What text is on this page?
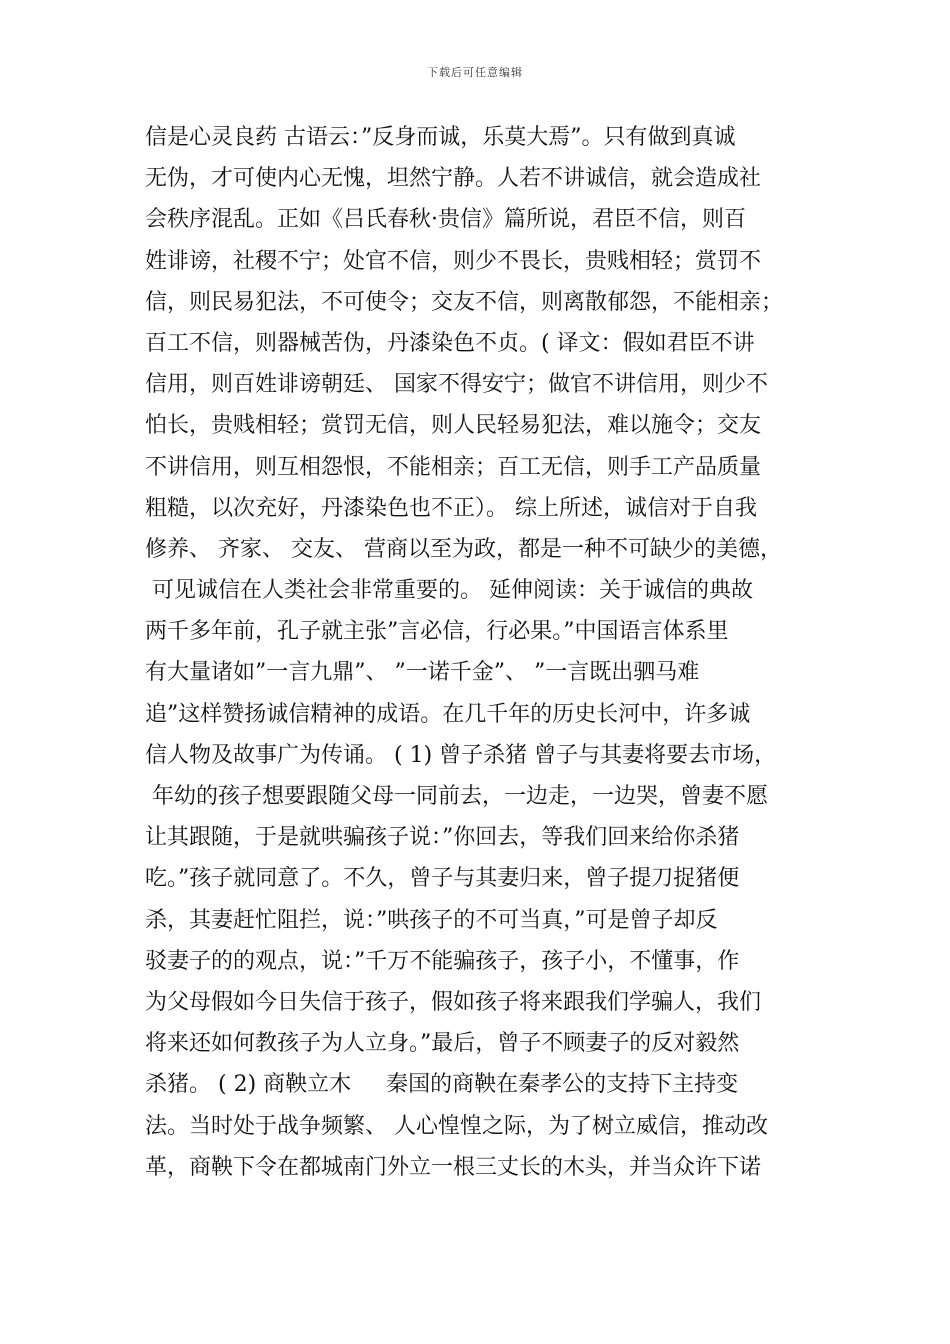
下载后可任意编辑
信是心灵良药 古语云：”反身而诚，乐莫大焉”。只有做到真诚
无伪，才可使内心无愧，坦然宁静。人若不讲诚信，就会造成社
会秩序混乱。正如《吕氏春秋·贵信》篇所说，君臣不信，则百
姓诽谤，社稷不宁；处官不信，则少不畏长，贵贱相轻；赏罚不
信，则民易犯法，不可使令；交友不信，则离散郁怨，不能相亲；
百工不信，则器械苦伪，丹漆染色不贞。( 译文：假如君臣不讲
信用，则百姓诽谤朝廷、 国家不得安宁；做官不讲信用，则少不
怕长，贵贱相轻；赏罚无信，则人民轻易犯法，难以施令；交友
不讲信用，则互相怨恨，不能相亲；百工无信，则手工产品质量
粗糙，以次充好，丹漆染色也不正）。 综上所述，诚信对于自我
修养、 齐家、 交友、 营商以至为政，都是一种不可缺少的美德，
可见诚信在人类社会非常重要的。 延伸阅读：关于诚信的典故
两千多年前，孔子就主张”言必信，行必果。”中国语言体系里
有大量诸如”一言九鼎”、 ”一诺千金”、 ”一言既出驷马难
追”这样赞扬诚信精神的成语。在几千年的历史长河中，许多诚
信人物及故事广为传诵。 ( 1) 曾子杀猪 曾子与其妻将要去市场，
年幼的孩子想要跟随父母一同前去，一边走，一边哭，曾妻不愿
让其跟随，于是就哄骗孩子说：”你回去，等我们回来给你杀猪
吃。”孩子就同意了。不久，曾子与其妻归来，曾子提刀捉猪便
杀，其妻赶忙阻拦，说：”哄孩子的不可当真，”可是曾子却反
驳妻子的的观点，说：”千万不能骗孩子，孩子小，不懂事，作
为父母假如今日失信于孩子，假如孩子将来跟我们学骗人，我们
将来还如何教孩子为人立身。”最后，曾子不顾妻子的反对毅然
杀猪。 ( 2) 商鞅立木     秦国的商鞅在秦孝公的支持下主持变
法。当时处于战争频繁、 人心惶惶之际，为了树立威信，推动改
革，商鞅下令在都城南门外立一根三丈长的木头，并当众许下诺
